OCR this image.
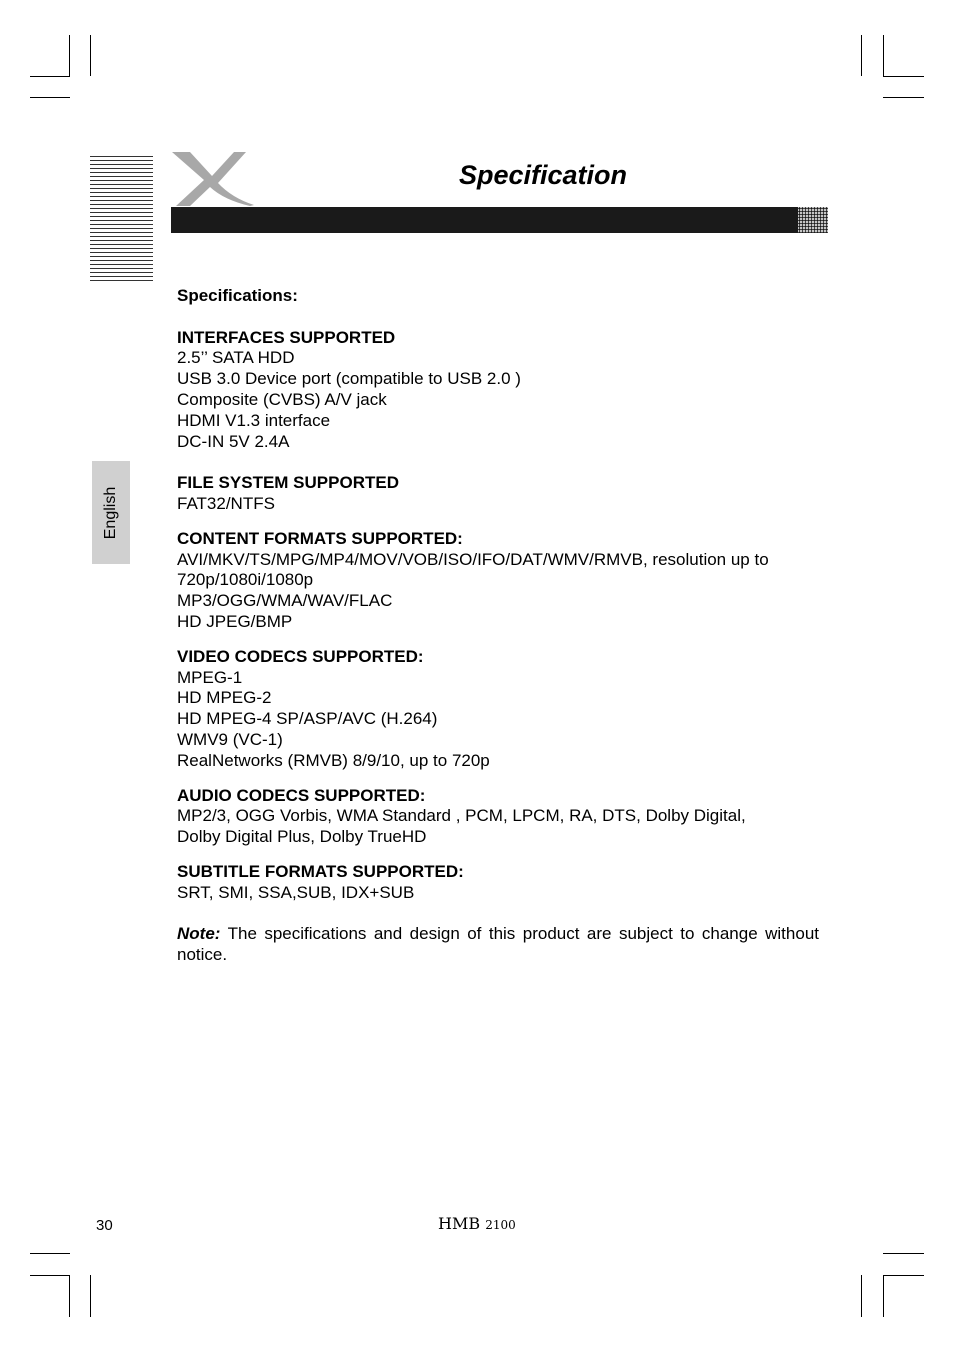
Specification
English

Specifications:

INTERFACES SUPPORTED

2.5’’ SATA HDD

USB 3.0 Device port (compatible to USB 2.0 )

Composite (CVBS) A/V jack

HDMI V1.3 interface

DC-IN 5V 2.4A

FILE SYSTEM SUPPORTED

FAT32/NTFS

CONTENT FORMATS SUPPORTED:

AVI/MKV/TS/MPG/MP4/MOV/VOB/ISO/IFO/DAT/WMV/RMVB, resolution up to

720p/1080i/1080p

MP3/OGG/WMA/WAV/FLAC

HD JPEG/BMP

VIDEO CODECS SUPPORTED:

MPEG-1

HD MPEG-2

HD MPEG-4 SP/ASP/AVC (H.264)

WMV9 (VC-1)

RealNetworks (RMVB) 8/9/10, up to 720p

AUDIO CODECS SUPPORTED:

MP2/3, OGG Vorbis, WMA Standard , PCM, LPCM, RA, DTS, Dolby Digital,

Dolby Digital Plus, Dolby TrueHD

SUBTITLE FORMATS SUPPORTED:

SRT, SMI, SSA,SUB, IDX+SUB

Note: The specifications and design of this product are subject to change without notice.

30	HMB 2100
